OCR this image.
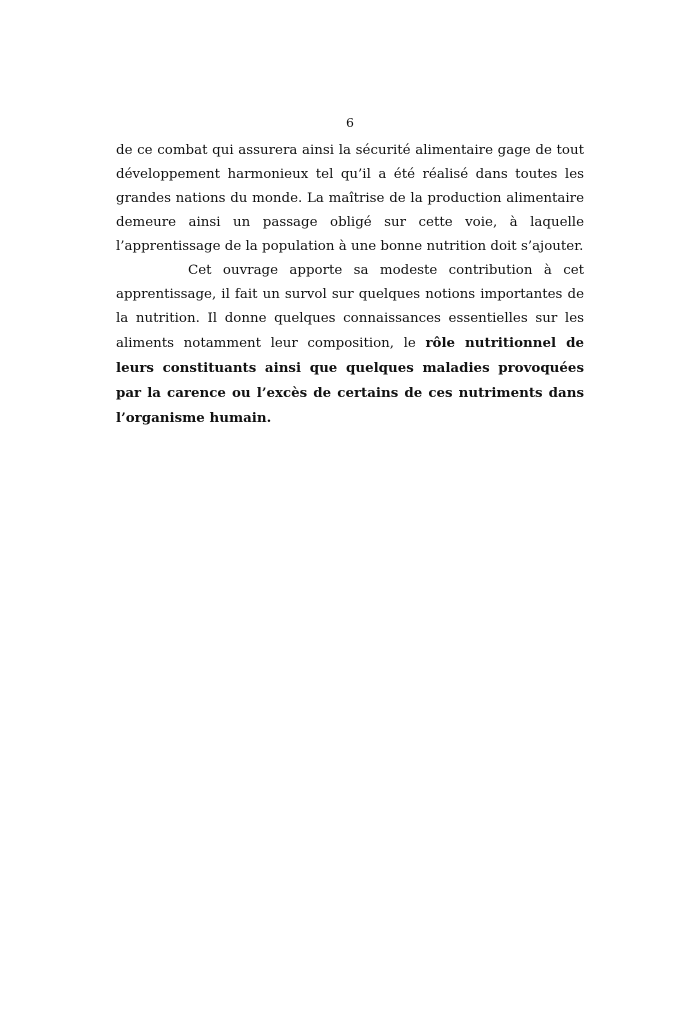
6

de ce combat qui assurera ainsi la sécurité alimentaire gage de tout développement harmonieux tel qu’il a été réalisé dans toutes les grandes nations du monde. La maîtrise de la production alimentaire demeure ainsi un passage obligé sur cette voie, à laquelle l’apprentissage de la population à une bonne nutrition doit s’ajouter.

Cet ouvrage apporte sa modeste contribution à cet apprentissage, il fait un survol sur quelques notions importantes de la nutrition. Il donne quelques connaissances essentielles sur les aliments notamment leur composition, le rôle nutritionnel de leurs constituants ainsi que quelques maladies provoquées par la carence ou l’excès de certains de ces nutriments dans l’organisme humain.
